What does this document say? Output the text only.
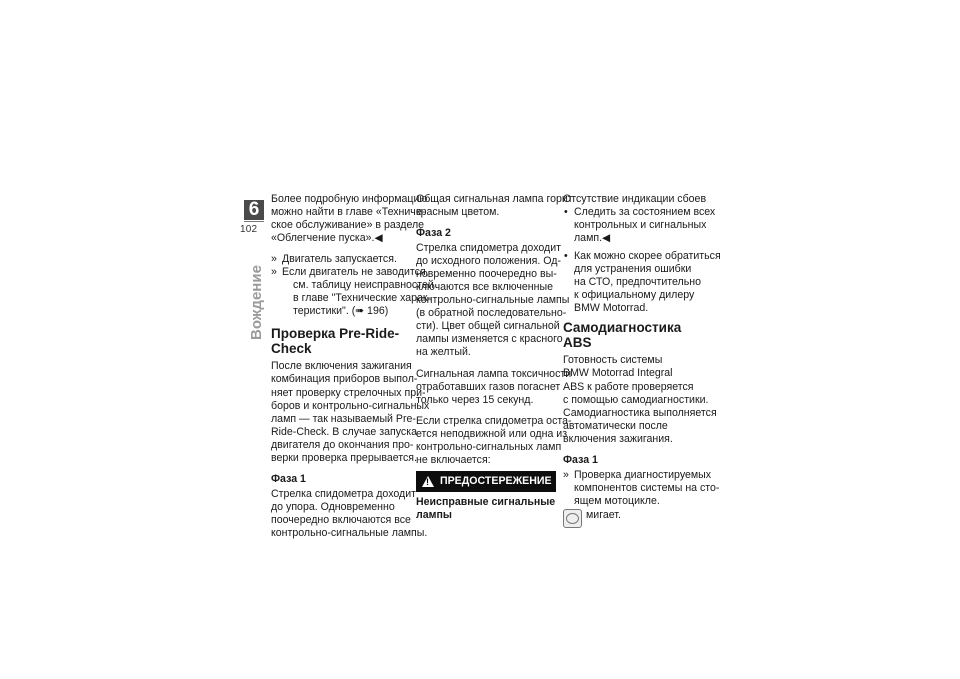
6
102
Вождение
Более подробную информацию
можно найти в главе «Техниче-
ское обслуживание» в разделе
«Облегчение пуска».◀
» Двигатель запускается.
» Если двигатель не заводится,
см. таблицу неисправностей
в главе "Технические харак-
теристики". (➠ 196)
Проверка Pre-Ride-
Check
После включения зажигания
комбинация приборов выпол-
няет проверку стрелочных при-
боров и контрольно-сигнальных
ламп — так называемый Pre-
Ride-Check. В случае запуска
двигателя до окончания про-
верки проверка прерывается.
Фаза 1
Стрелка спидометра доходит
до упора. Одновременно
поочередно включаются все
контрольно-сигнальные лампы.
Общая сигнальная лампа горит
красным цветом.
Фаза 2
Стрелка спидометра доходит
до исходного положения. Од-
новременно поочередно вы-
ключаются все включенные
контрольно-сигнальные лампы
(в обратной последовательно-
сти). Цвет общей сигнальной
лампы изменяется с красного
на желтый.
Сигнальная лампа токсичности
отработавших газов погаснет
только через 15 секунд.
Если стрелка спидометра оста-
ется неподвижной или одна из
контрольно-сигнальных ламп
не включается:
!
ПРЕДОСТЕРЕЖЕНИЕ
Неисправные сигнальные
лампы
Отсутствие индикации сбоев
• Следить за состоянием всех
контрольных и сигнальных
ламп.◀
• Как можно скорее обратиться
для устранения ошибки
на СТО, предпочтительно
к официальному дилеру
BMW Motorrad.
Самодиагностика ABS
Готовность системы
BMW Motorrad Integral
ABS к работе проверяется
с помощью самодиагностики.
Самодиагностика выполняется
автоматически после
включения зажигания.
Фаза 1
» Проверка диагностируемых
компонентов системы на сто-
ящем мотоцикле.
мигает.
